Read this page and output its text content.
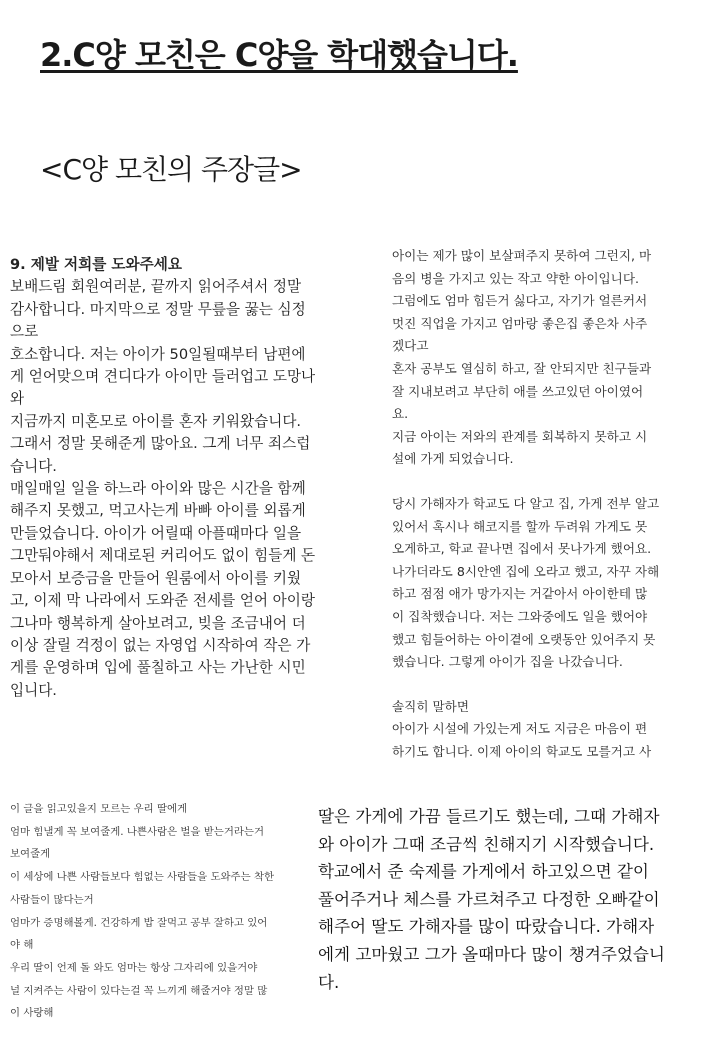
2.C양 모친은 C양을 학대했습니다.
<C양 모친의 주장글>
9. 제발 저희를 도와주세요
보배드림 회원여러분, 끝까지 읽어주셔서 정말
감사합니다. 마지막으로 정말 무릎을 꿇는 심정
으로
호소합니다. 저는 아이가 50일될때부터 남편에
게 얻어맞으며 견디다가 아이만 들러업고 도망나
와
지금까지 미혼모로 아이를 혼자 키워왔습니다.
그래서 정말 못해준게 많아요. 그게 너무 죄스럽
습니다.
매일매일 일을 하느라 아이와 많은 시간을 함께
해주지 못했고, 먹고사는게 바빠 아이를 외롭게
만들었습니다. 아이가 어릴때 아플때마다 일을
그만둬야해서 제대로된 커리어도 없이 힘들게 돈
모아서 보증금을 만들어 원룸에서 아이를 키웠
고, 이제 막 나라에서 도와준 전세를 얻어 아이랑
그나마 행복하게 살아보려고, 빚을 조금내어 더
이상 잘릴 걱정이 없는 자영업 시작하여 작은 가
게를 운영하며 입에 풀칠하고 사는 가난한 시민
입니다.
아이는 제가 많이 보살펴주지 못하여 그런지, 마
음의 병을 가지고 있는 작고 약한 아이입니다.
그럼에도 엄마 힘든거 싫다고, 자기가 얼른커서
멋진 직업을 가지고 엄마랑 좋은집 좋은차 사주
겠다고
혼자 공부도 열심히 하고, 잘 안되지만 친구들과
잘 지내보려고 부단히 애를 쓰고있던 아이였어
요.
지금 아이는 저와의 관계를 회복하지 못하고 시
설에 가게 되었습니다.
당시 가해자가 학교도 다 알고 집, 가게 전부 알고
있어서 혹시나 해코지를 할까 두려워 가게도 못
오게하고, 학교 끝나면 집에서 못나가게 했어요.
나가더라도 8시안엔 집에 오라고 했고, 자꾸 자해
하고 점점 애가 망가지는 거같아서 아이한테 많
이 집착했습니다. 저는 그와중에도 일을 했어야
했고 힘들어하는 아이곁에 오랫동안 있어주지 못
했습니다. 그렇게 아이가 집을 나갔습니다.
솔직히 말하면
아이가 시설에 가있는게 저도 지금은 마음이 편
하기도 합니다. 이제 아이의 학교도 모를거고 사
이 글을 읽고있을지 모르는 우리 딸에게
엄마 힘낼게 꼭 보여줄게. 나쁜사람은 벌을 받는거라는거
보여줄게
이 세상에 나쁜 사람들보다 힘없는 사람들을 도와주는 착한
사람들이 많다는거
엄마가 증명해볼게. 건강하게 밥 잘먹고 공부 잘하고 있어
야 해
우리 딸이 언제 돌 와도 엄마는 항상 그자리에 있을거야
널 지켜주는 사람이 있다는걸 꼭 느끼게 해줄거야 정말 많
이 사랑해
딸은 가게에 가끔 들르기도 했는데, 그때 가해자
와 아이가 그때 조금씩 친해지기 시작했습니다.
학교에서 준 숙제를 가게에서 하고있으면 같이
풀어주거나 체스를 가르쳐주고 다정한 오빠같이
해주어 딸도 가해자를 많이 따랐습니다. 가해자
에게 고마웠고 그가 올때마다 많이 챙겨주었습니
다.
